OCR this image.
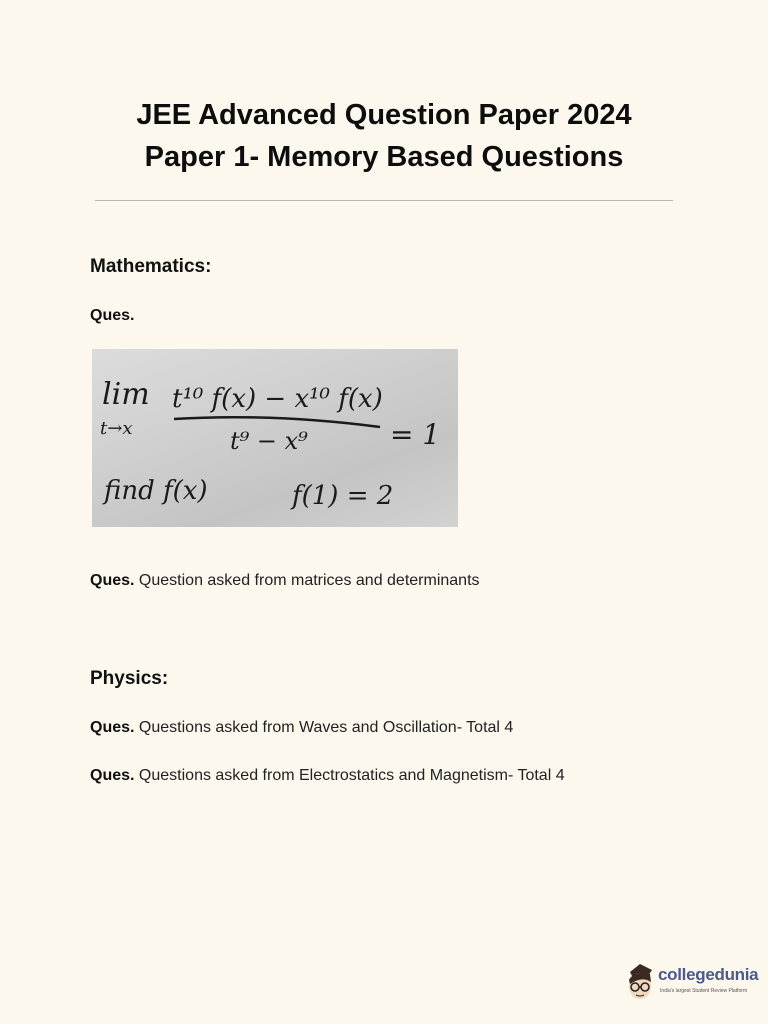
JEE Advanced Question Paper 2024
Paper 1- Memory Based Questions
Mathematics:
Ques.
lim
t→x
t¹⁰ f(x) − x¹⁰ f(x)
t⁹ − x⁹	= 1
find f(x)	f(1) = 2
Ques. Question asked from matrices and determinants
Physics:
Ques. Questions asked from Waves and Oscillation- Total 4
Ques. Questions asked from Electrostatics and Magnetism- Total 4
collegedunia
India's largest Student Review Platform
